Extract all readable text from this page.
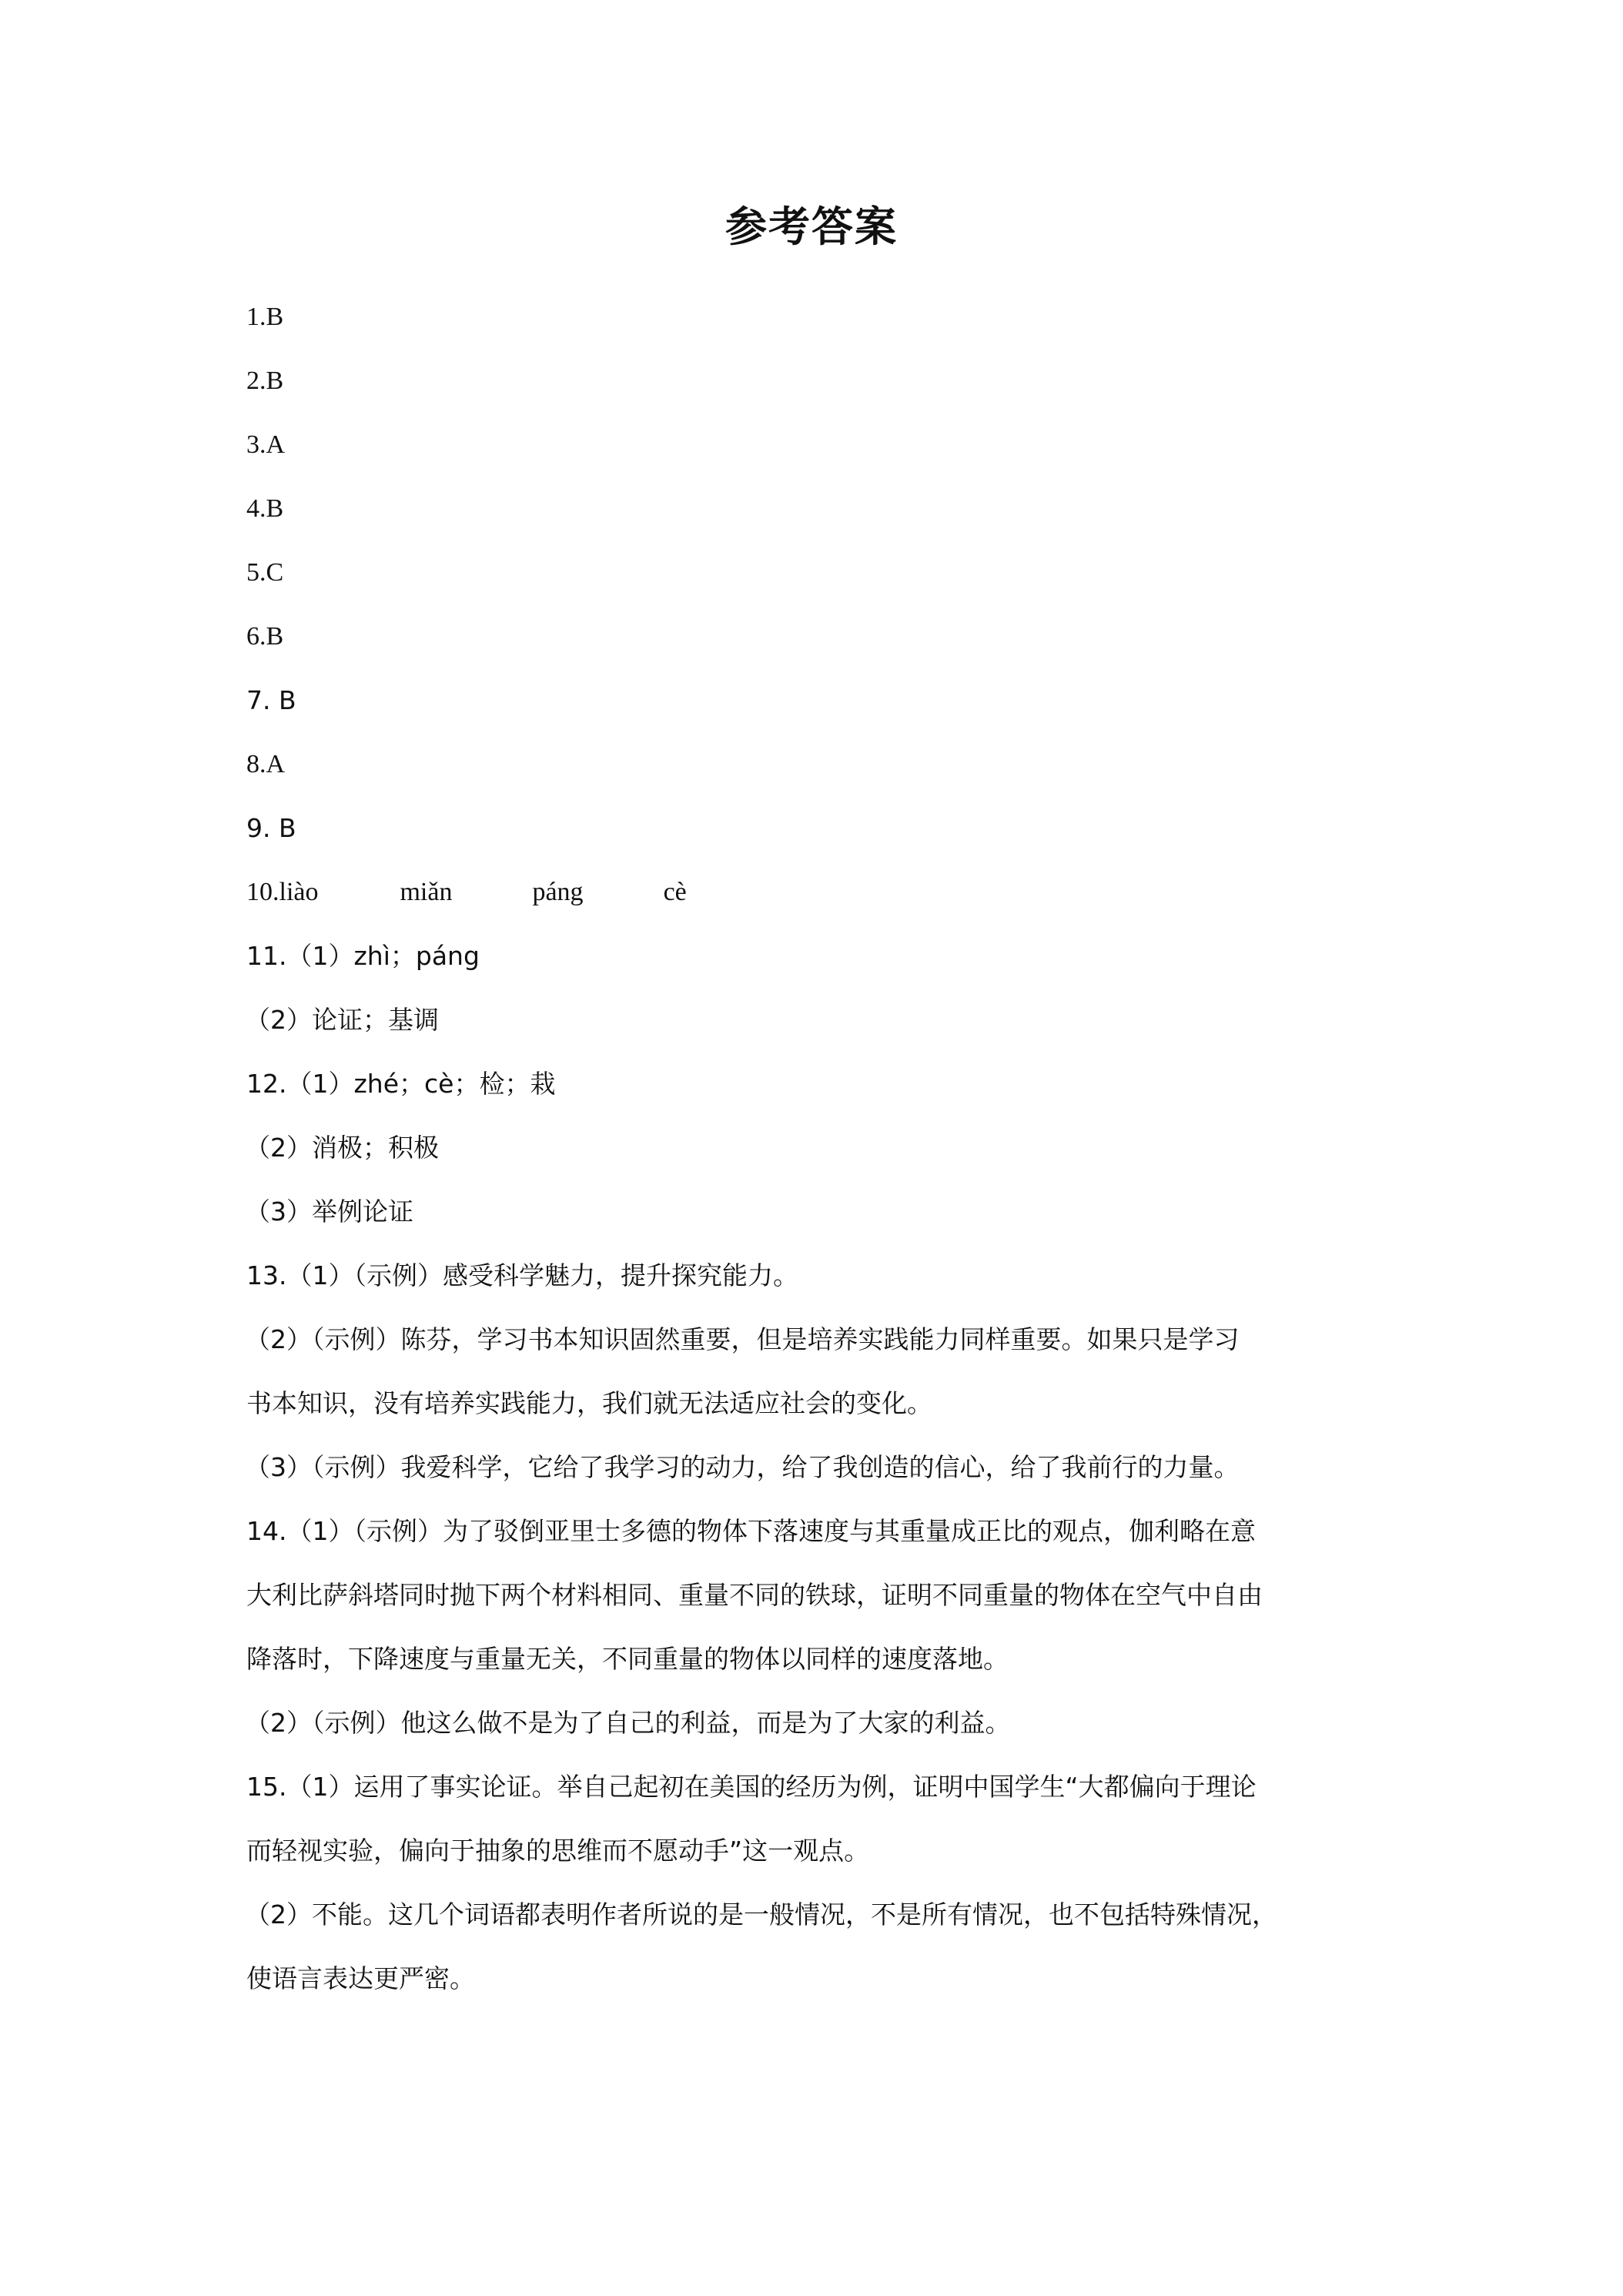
参考答案
1.B
2.B
3.A
4.B
5.C
6.B
7. B
8.A
9. B
10.liào	miǎn	páng	cè
11.（1）zhì；páng
（2）论证；基调
12.（1）zhé；cè；检；栽
（2）消极；积极
（3）举例论证
13.（1）（示例）感受科学魅力，提升探究能力。
（2）（示例）陈芬，学习书本知识固然重要，但是培养实践能力同样重要。如果只是学习
书本知识，没有培养实践能力，我们就无法适应社会的变化。
（3）（示例）我爱科学，它给了我学习的动力，给了我创造的信心，给了我前行的力量。
14.（1）（示例）为了驳倒亚里士多德的物体下落速度与其重量成正比的观点，伽利略在意
大利比萨斜塔同时抛下两个材料相同、重量不同的铁球，证明不同重量的物体在空气中自由
降落时，下降速度与重量无关，不同重量的物体以同样的速度落地。
（2）（示例）他这么做不是为了自己的利益，而是为了大家的利益。
15.（1）运用了事实论证。举自己起初在美国的经历为例，证明中国学生“大都偏向于理论
而轻视实验，偏向于抽象的思维而不愿动手”这一观点。
（2）不能。这几个词语都表明作者所说的是一般情况，不是所有情况，也不包括特殊情况，
使语言表达更严密。
